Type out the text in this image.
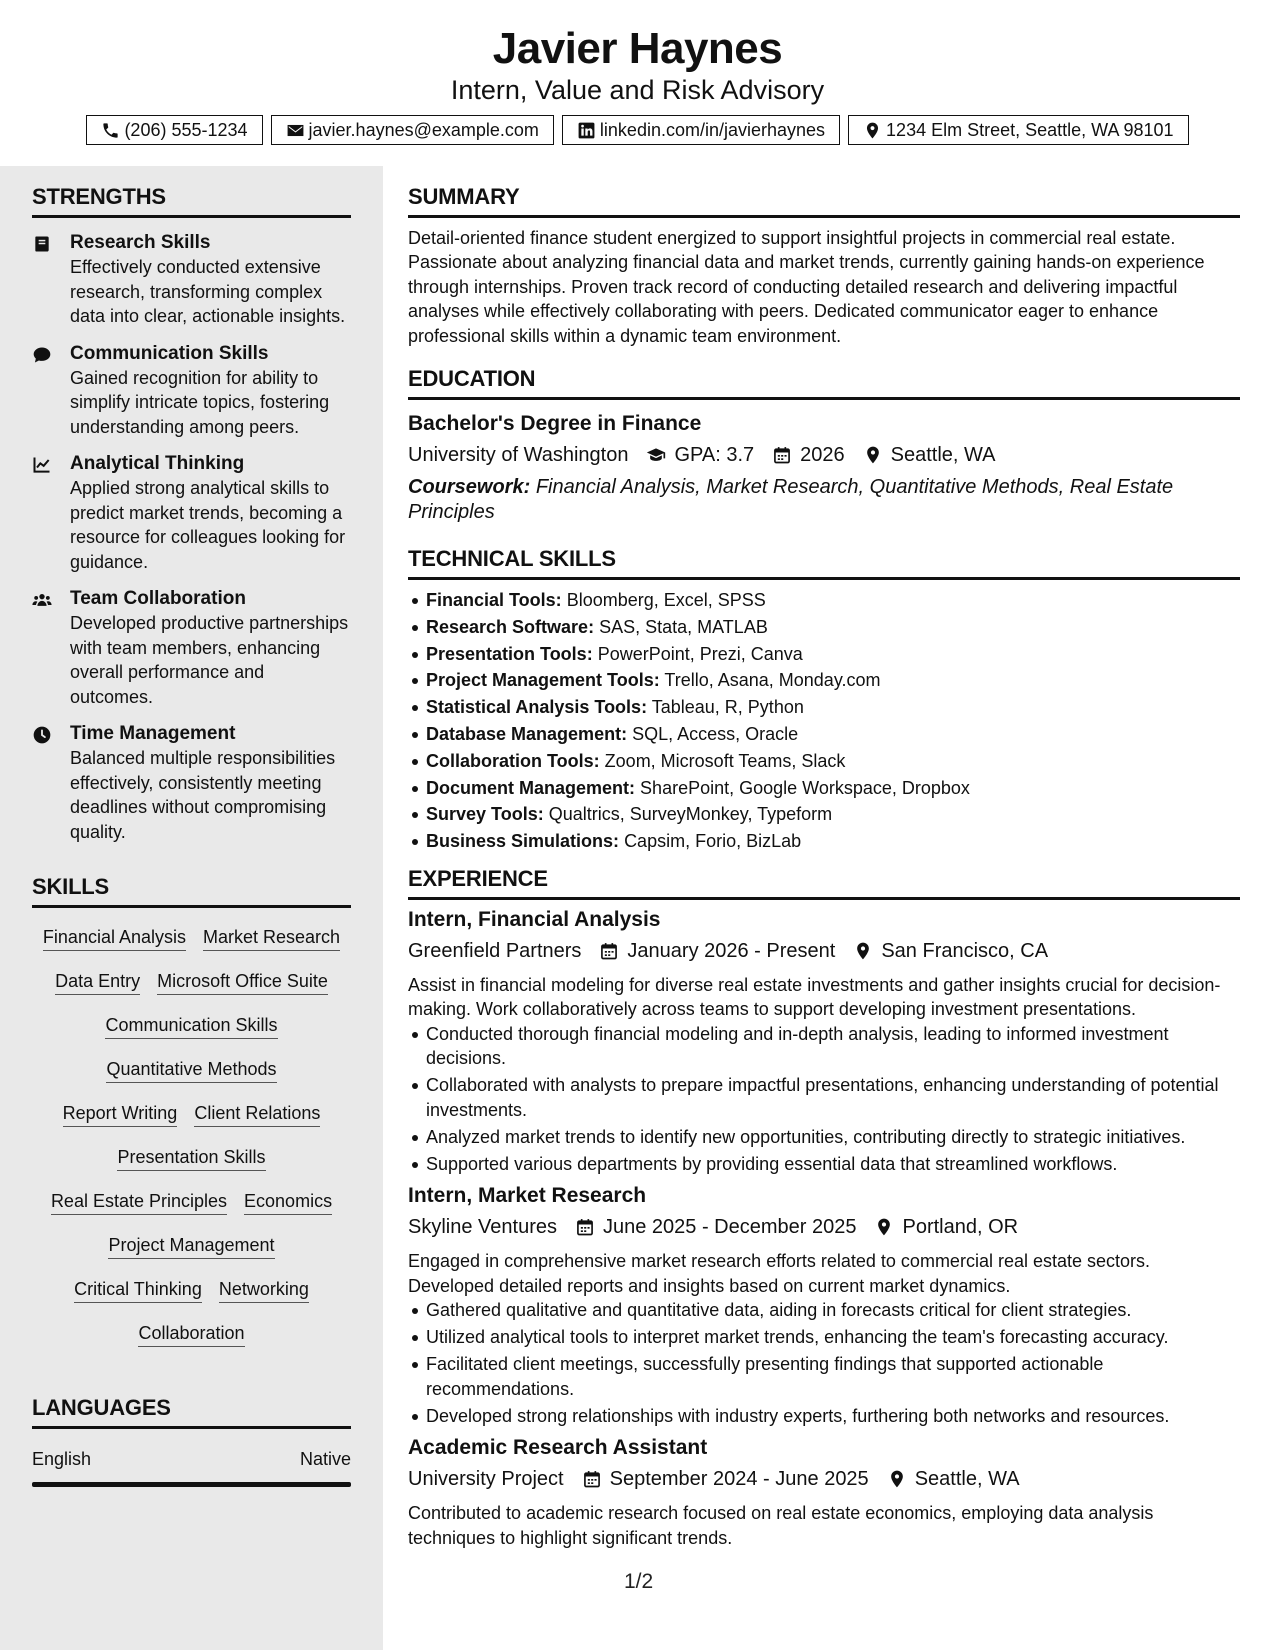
Javier Haynes
Intern, Value and Risk Advisory
(206) 555-1234	javier.haynes@example.com	linkedin.com/in/javierhaynes	1234 Elm Street, Seattle, WA 98101
STRENGTHS
Research Skills
Effectively conducted extensive research, transforming complex data into clear, actionable insights.
Communication Skills
Gained recognition for ability to simplify intricate topics, fostering understanding among peers.
Analytical Thinking
Applied strong analytical skills to predict market trends, becoming a resource for colleagues looking for guidance.
Team Collaboration
Developed productive partnerships with team members, enhancing overall performance and outcomes.
Time Management
Balanced multiple responsibilities effectively, consistently meeting deadlines without compromising quality.
SKILLS
Financial Analysis Market Research
Data Entry Microsoft Office Suite
Communication Skills
Quantitative Methods
Report Writing Client Relations
Presentation Skills
Real Estate Principles Economics
Project Management
Critical Thinking Networking
Collaboration
LANGUAGES
English	Native
SUMMARY
Detail-oriented finance student energized to support insightful projects in commercial real estate. Passionate about analyzing financial data and market trends, currently gaining hands-on experience through internships. Proven track record of conducting detailed research and delivering impactful analyses while effectively collaborating with peers. Dedicated communicator eager to enhance professional skills within a dynamic team environment.
EDUCATION
Bachelor's Degree in Finance
University of Washington GPA: 3.7 2026 Seattle, WA
Coursework: Financial Analysis, Market Research, Quantitative Methods, Real Estate Principles
TECHNICAL SKILLS
Financial Tools: Bloomberg, Excel, SPSS
Research Software: SAS, Stata, MATLAB
Presentation Tools: PowerPoint, Prezi, Canva
Project Management Tools: Trello, Asana, Monday.com
Statistical Analysis Tools: Tableau, R, Python
Database Management: SQL, Access, Oracle
Collaboration Tools: Zoom, Microsoft Teams, Slack
Document Management: SharePoint, Google Workspace, Dropbox
Survey Tools: Qualtrics, SurveyMonkey, Typeform
Business Simulations: Capsim, Forio, BizLab
EXPERIENCE
Intern, Financial Analysis
Greenfield Partners January 2026 - Present San Francisco, CA
Assist in financial modeling for diverse real estate investments and gather insights crucial for decision-making. Work collaboratively across teams to support developing investment presentations.
Conducted thorough financial modeling and in-depth analysis, leading to informed investment decisions.
Collaborated with analysts to prepare impactful presentations, enhancing understanding of potential investments.
Analyzed market trends to identify new opportunities, contributing directly to strategic initiatives.
Supported various departments by providing essential data that streamlined workflows.
Intern, Market Research
Skyline Ventures June 2025 - December 2025 Portland, OR
Engaged in comprehensive market research efforts related to commercial real estate sectors. Developed detailed reports and insights based on current market dynamics.
Gathered qualitative and quantitative data, aiding in forecasts critical for client strategies.
Utilized analytical tools to interpret market trends, enhancing the team's forecasting accuracy.
Facilitated client meetings, successfully presenting findings that supported actionable recommendations.
Developed strong relationships with industry experts, furthering both networks and resources.
Academic Research Assistant
University Project September 2024 - June 2025 Seattle, WA
Contributed to academic research focused on real estate economics, employing data analysis techniques to highlight significant trends.
1/2
